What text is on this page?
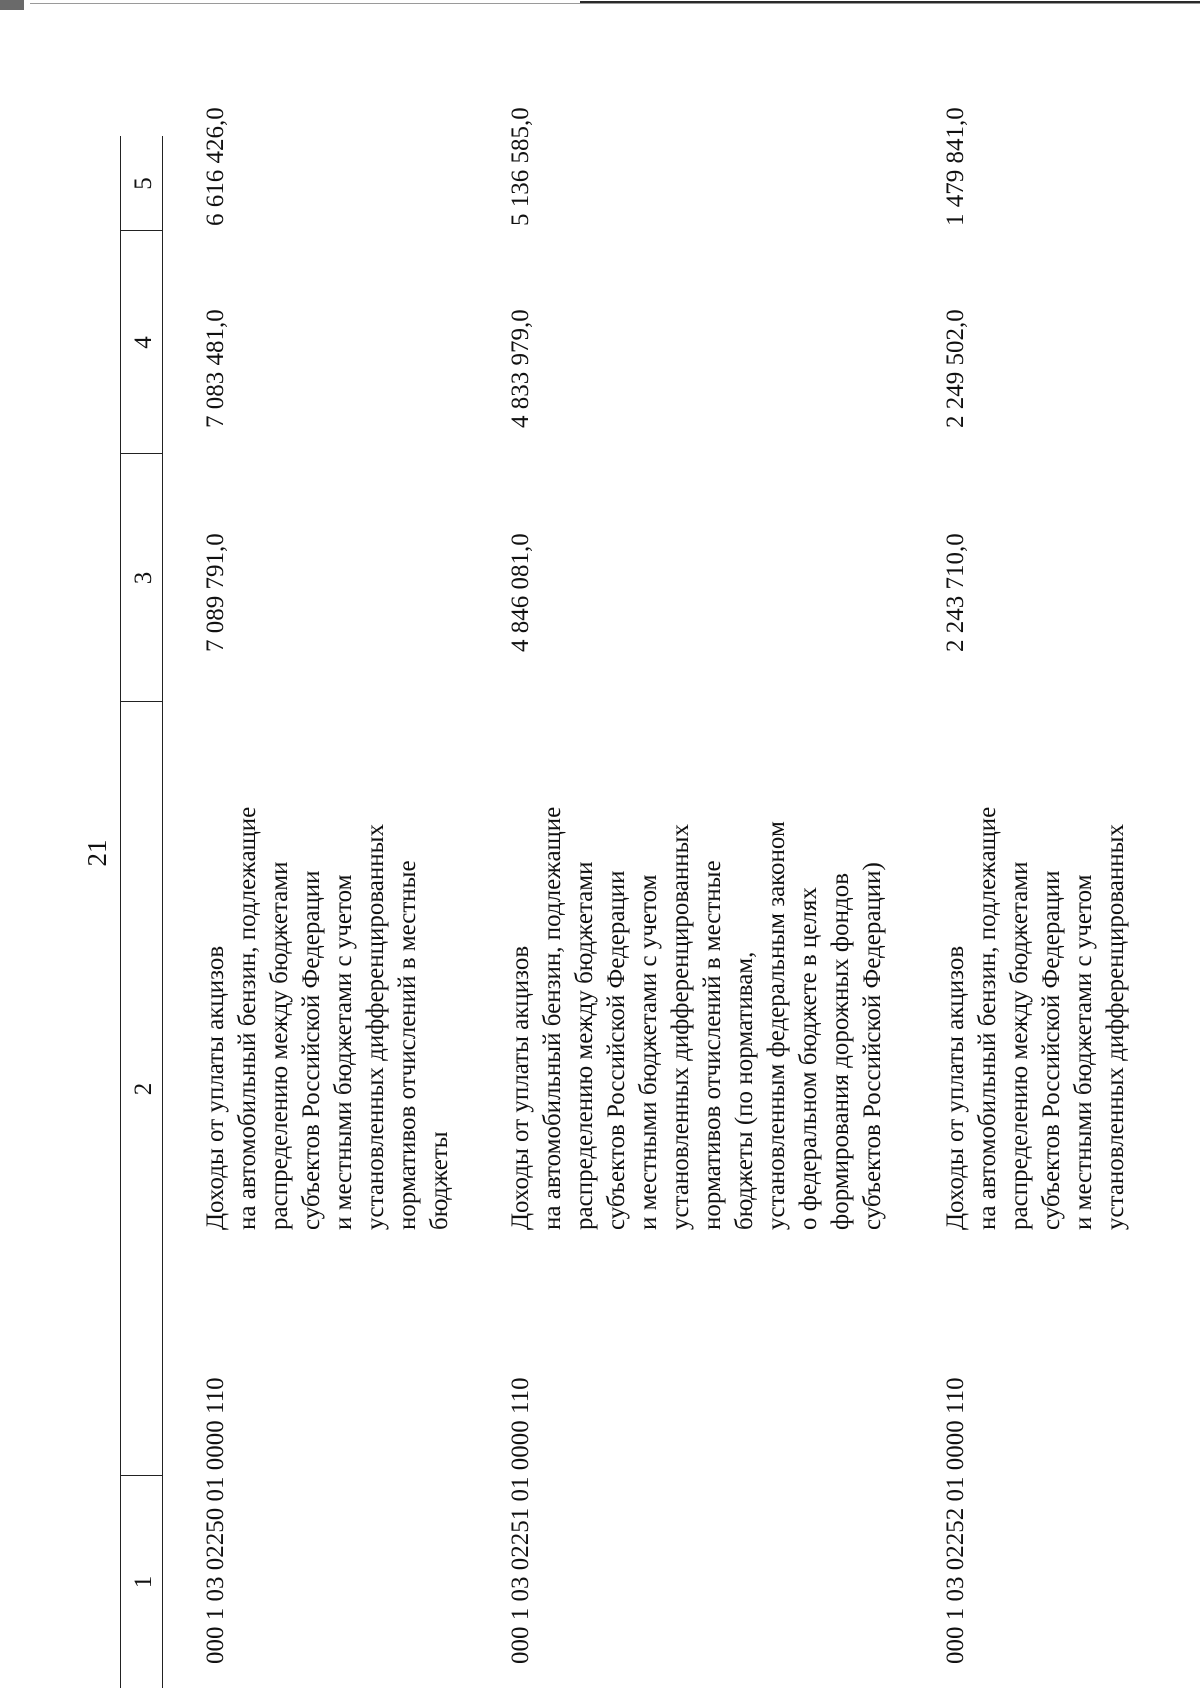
21
1
2
3
4
5
000 1 03 02250 01 0000 110
Доходы от уплаты акцизов на автомобильный бензин, подлежащие распределению между бюджетами субъектов Российской Федерации и местными бюджетами с учетом установленных дифференцированных нормативов отчислений в местные бюджеты
7 089 791,0
7 083 481,0
6 616 426,0
000 1 03 02251 01 0000 110
Доходы от уплаты акцизов на автомобильный бензин, подлежащие распределению между бюджетами субъектов Российской Федерации и местными бюджетами с учетом установленных дифференцированных нормативов отчислений в местные бюджеты (по нормативам, установленным федеральным законом о федеральном бюджете в целях формирования дорожных фондов субъектов Российской Федерации)
4 846 081,0
4 833 979,0
5 136 585,0
000 1 03 02252 01 0000 110
Доходы от уплаты акцизов на автомобильный бензин, подлежащие распределению между бюджетами субъектов Российской Федерации и местными бюджетами с учетом установленных дифференцированных
2 243 710,0
2 249 502,0
1 479 841,0
